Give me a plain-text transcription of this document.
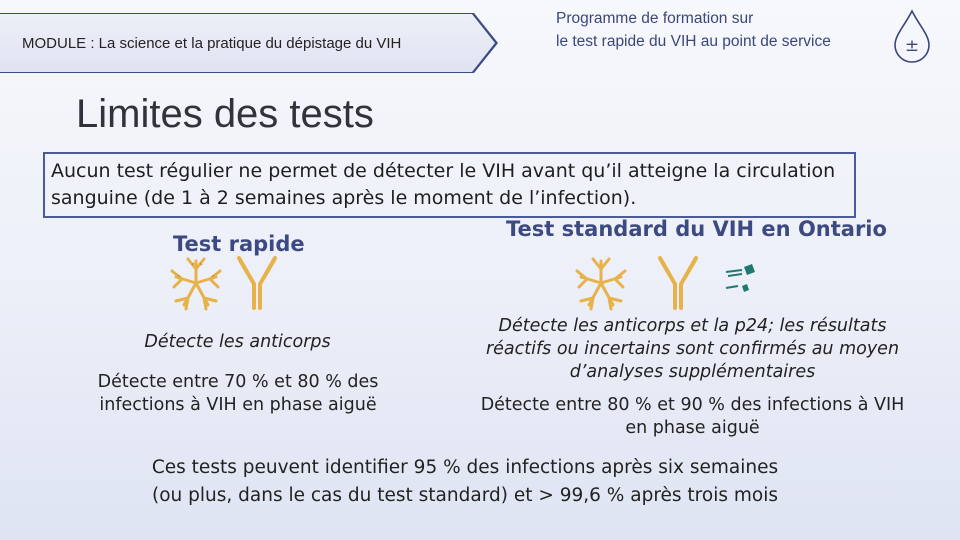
MODULE : La science et la pratique du dépistage du VIH
Programme de formation sur
le test rapide du VIH au point de service	±
Limites des tests
Aucun test régulier ne permet de détecter le VIH avant qu’il atteigne la circulation sanguine (de 1 à 2 semaines après le moment de l’infection).
Test rapide
Test standard du VIH en Ontario
Détecte les anticorps
Détecte entre 70 % et 80 % des
infections à VIH en phase aiguë
Détecte les anticorps et la p24; les résultats
réactifs ou incertains sont confirmés au moyen
d’analyses supplémentaires
Détecte entre 80 % et 90 % des infections à VIH
en phase aiguë
Ces tests peuvent identifier 95 % des infections après six semaines
(ou plus, dans le cas du test standard) et > 99,6 % après trois mois
